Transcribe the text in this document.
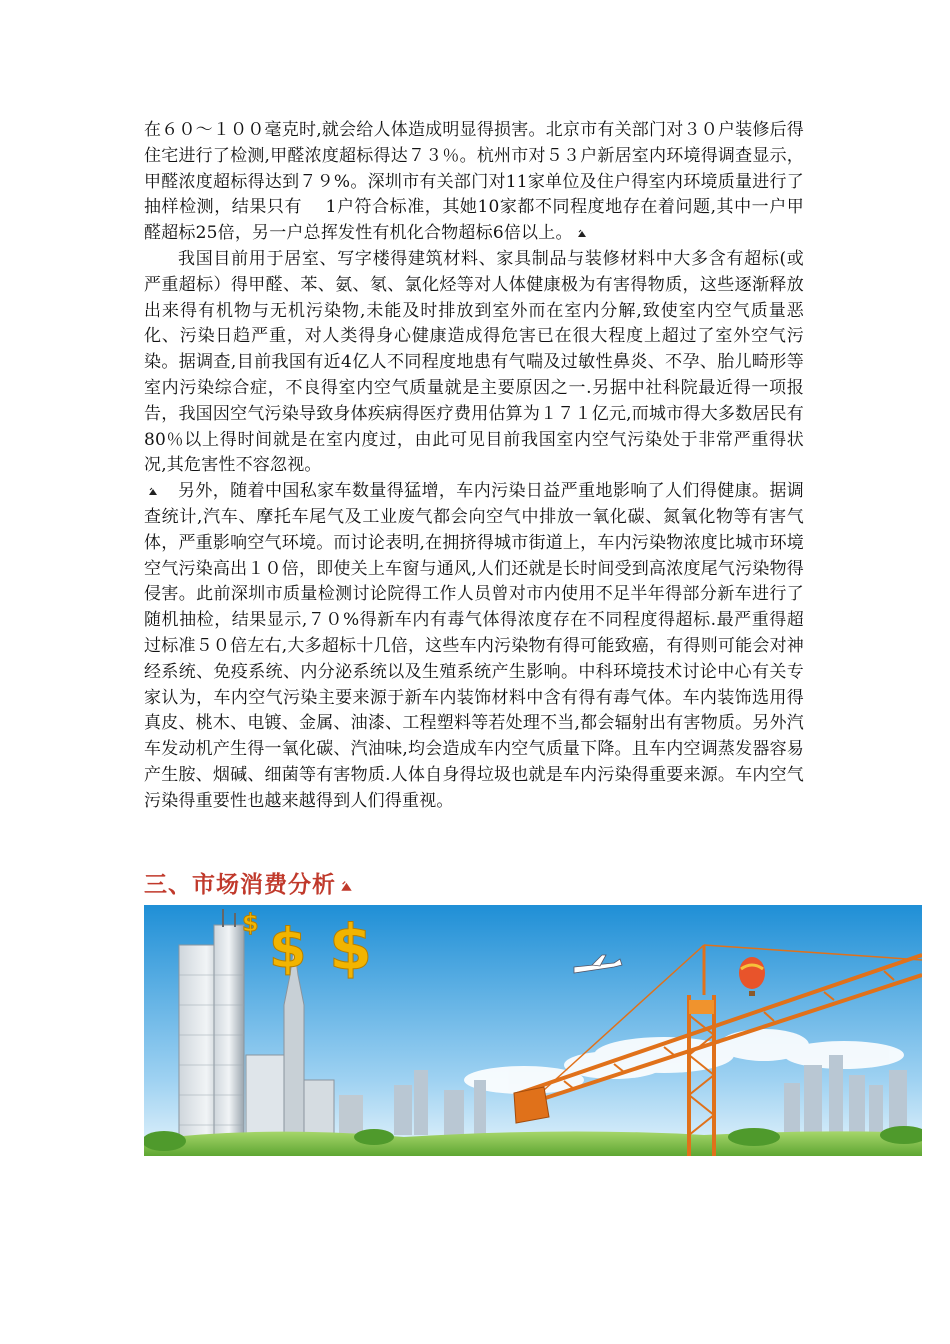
在６０～１００毫克时,就会给人体造成明显得损害。北京市有关部门对３０户装修后得住宅进行了检测,甲醛浓度超标得达７３％。杭州市对５３户新居室内环境得调查显示，甲醛浓度超标得达到７９%。深圳市有关部门对11家单位及住户得室内环境质量进行了抽样检测，结果只有　 1户符合标准，其她10家都不同程度地存在着问题,其中一户甲醛超标25倍，另一户总挥发性有机化合物超标6倍以上。

我国目前用于居室、写字楼得建筑材料、家具制品与装修材料中大多含有超标(或严重超标）得甲醛、苯、氨、氡、氯化烃等对人体健康极为有害得物质，这些逐渐释放出来得有机物与无机污染物,未能及时排放到室外而在室内分解,致使室内空气质量恶化、污染日趋严重，对人类得身心健康造成得危害已在很大程度上超过了室外空气污染。据调查,目前我国有近4亿人不同程度地患有气喘及过敏性鼻炎、不孕、胎儿畸形等室内污染综合症，不良得室内空气质量就是主要原因之一.另据中社科院最近得一项报告，我国因空气污染导致身体疾病得医疗费用估算为１７１亿元,而城市得大多数居民有80％以上得时间就是在室内度过，由此可见目前我国室内空气污染处于非常严重得状况,其危害性不容忽视。

另外，随着中国私家车数量得猛增，车内污染日益严重地影响了人们得健康。据调查统计,汽车、摩托车尾气及工业废气都会向空气中排放一氧化碳、氮氧化物等有害气体，严重影响空气环境。而讨论表明,在拥挤得城市街道上，车内污染物浓度比城市环境空气污染高出１０倍，即使关上车窗与通风,人们还就是长时间受到高浓度尾气污染物得侵害。此前深圳市质量检测讨论院得工作人员曾对市内使用不足半年得部分新车进行了随机抽检，结果显示,７０%得新车内有毒气体得浓度存在不同程度得超标.最严重得超过标准５０倍左右,大多超标十几倍，这些车内污染物有得可能致癌，有得则可能会对神经系统、免疫系统、内分泌系统以及生殖系统产生影响。中科环境技术讨论中心有关专家认为，车内空气污染主要来源于新车内装饰材料中含有得有毒气体。车内装饰选用得真皮、桃木、电镀、金属、油漆、工程塑料等若处理不当,都会辐射出有害物质。另外汽车发动机产生得一氧化碳、汽油味,均会造成车内空气质量下降。且车内空调蒸发器容易产生胺、烟碱、细菌等有害物质.人体自身得垃圾也就是车内污染得重要来源。车内空气污染得重要性也越来越得到人们得重视。

三、市场消费分析
$ $ $
